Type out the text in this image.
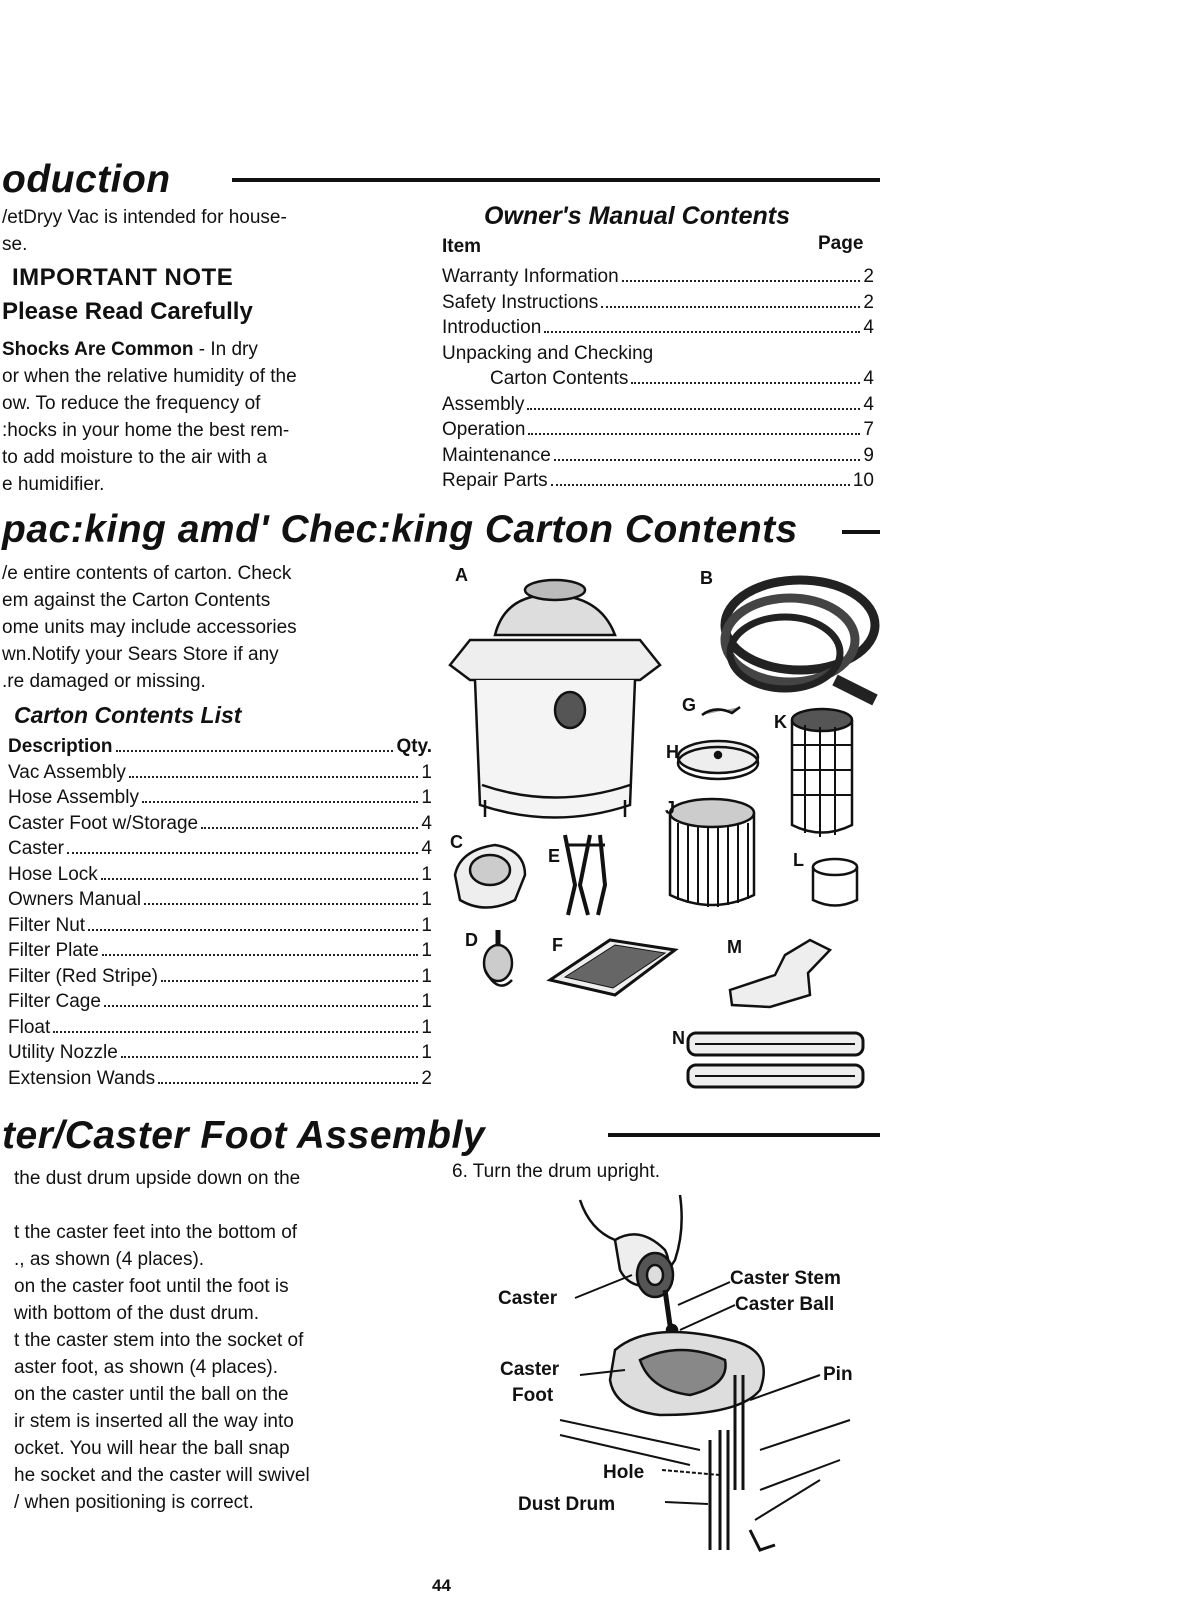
oduction
/etDryy Vac is intended for house-
se.
IMPORTANT NOTE
Please Read Carefully
Shocks Are Common - In dry
or when the relative humidity of the
ow. To reduce the frequency of
:hocks in your home the best rem-
to add moisture to the air with a
e humidifier.
Owner's Manual Contents
Item	Page
Warranty Information	2
Safety Instructions	2
Introduction	4
Unpacking and Checking
Carton Contents	4
Assembly	4
Operation	7
Maintenance	9
Repair Parts	10
pac:king amd' Chec:king Carton Contents
/e entire contents of carton. Check
em against the Carton Contents
ome units may include accessories
wn.Notify your Sears Store if any
.re damaged or missing.
Carton Contents List
Description	Qty.
Vac Assembly	1
Hose Assembly	1
Caster Foot w/Storage	4
Caster	4
Hose Lock	1
Owners Manual	1
Filter Nut	1
Filter Plate	1
Filter (Red Stripe)	1
Filter Cage	1
Float	1
Utility Nozzle	1
Extension Wands	2
A	B
G
K
H
J
C
E	L
D	F	M
N
ter/Caster Foot Assembly
the dust drum upside down on the
t the caster feet into the bottom of
., as shown (4 places).
on the caster foot until the foot is
with bottom of the dust drum.
t the caster stem into the socket of
aster foot, as shown (4 places).
on the caster until the ball on the
ir stem is inserted all the way into
ocket. You will hear the ball snap
he socket and the caster will swivel
/ when positioning is correct.
6. Turn the drum upright.
Caster
Caster Stem
Caster Ball
Caster
Foot
Pin
Hole
Dust Drum
44
